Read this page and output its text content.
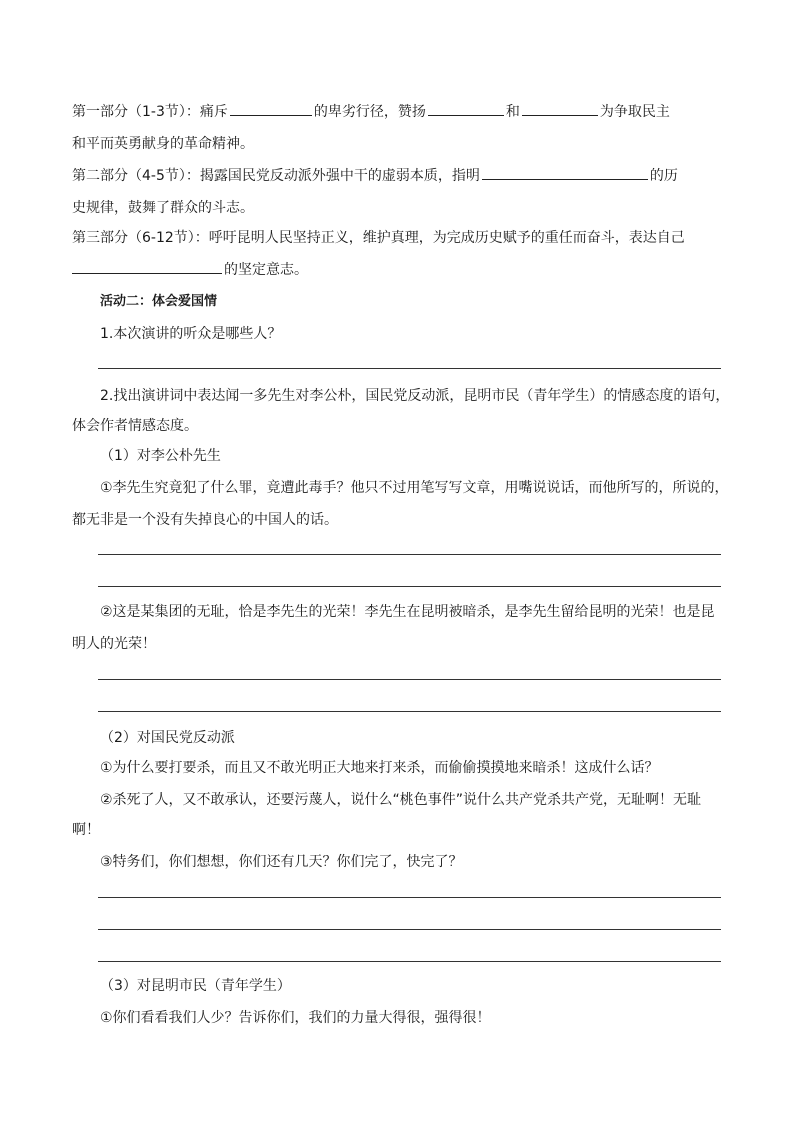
第一部分（1-3节）：痛斥	的卑劣行径，赞扬	和	为争取民主
和平而英勇献身的革命精神。
第二部分（4-5节）：揭露国民党反动派外强中干的虚弱本质，指明	的历
史规律，鼓舞了群众的斗志。
第三部分（6-12节）：呼吁昆明人民坚持正义，维护真理，为完成历史赋予的重任而奋斗，表达自己
的坚定意志。
活动二：体会爱国情
1.本次演讲的听众是哪些人？
2.找出演讲词中表达闻一多先生对李公朴，国民党反动派，昆明市民（青年学生）的情感态度的语句，
体会作者情感态度。
（1）对李公朴先生
①李先生究竟犯了什么罪，竟遭此毒手？他只不过用笔写写文章，用嘴说说话，而他所写的，所说的，
都无非是一个没有失掉良心的中国人的话。
②这是某集团的无耻，恰是李先生的光荣！李先生在昆明被暗杀，是李先生留给昆明的光荣！也是昆
明人的光荣！
（2）对国民党反动派
①为什么要打要杀，而且又不敢光明正大地来打来杀，而偷偷摸摸地来暗杀！这成什么话？
②杀死了人，又不敢承认，还要污蔑人，说什么“桃色事件”说什么共产党杀共产党，无耻啊！无耻
啊！
③特务们，你们想想，你们还有几天？你们完了，快完了？
（3）对昆明市民（青年学生）
①你们看看我们人少？告诉你们，我们的力量大得很，强得很！
